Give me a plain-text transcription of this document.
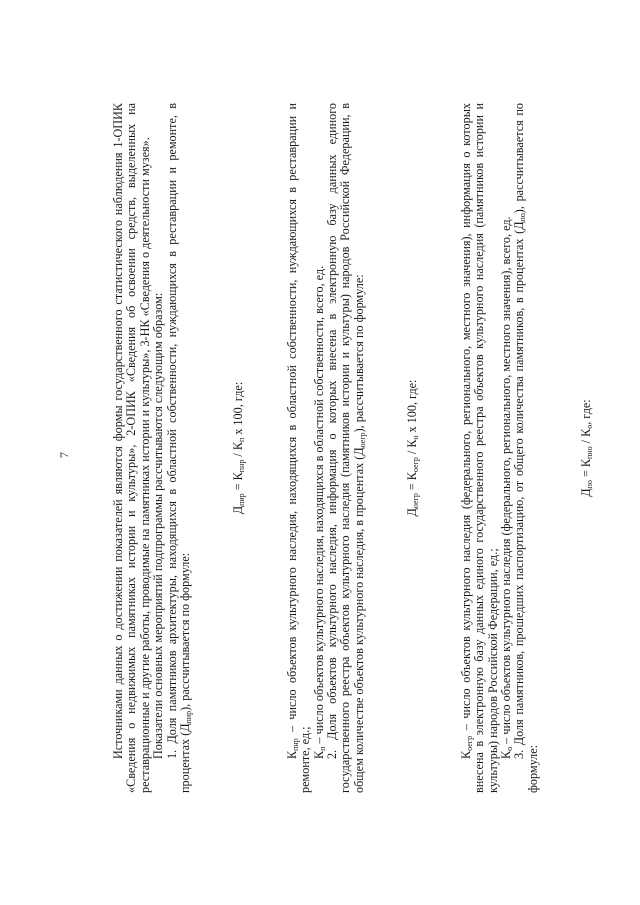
7	Источниками данных о достижении показателей являются формы государственного статистического наблюдения 1-ОПИК «Сведения о недвижимых памятниках истории и культуры», 2-ОПИК «Сведения об освоении средств, выделенных на реставрационные и другие работы, проводимые на памятниках истории и культуры», 3-НК «Сведения о деятельности музея». Показатели основных мероприятий подпрограммы рассчитываются следующим образом: 1. Доля памятников архитектуры, находящихся в областной собственности, нуждающихся в реставрации и ремонте, в процентах $(Д_{пир})$, рассчитывается по формуле:

$Д_{пир} = К_{пнр} / К_п$ х 100, где:

$К_{пнр}$ – число объектов культурного наследия, находящихся в областной собственности, нуждающихся в реставрации и ремонте, ед.; $К_п$ – число объектов культурного наследия, находящихся в областной собственности, всего, ед. 2. Доля объектов культурного наследия, информация о которых внесена в электронную базу данных единого государственного реестра объектов культурного наследия (памятников истории и культуры) народов Российской Федерации, в общем количестве объектов культурного наследия, в процентах $(Д_{оегр})$, рассчитывается по формуле:

$Д_{оегр} = К_{оегр} / К_о$ х 100, где:

$К_{оегр}$ – число объектов культурного наследия (федерального, регионального, местного значения), информация о которых внесена в электронную базу данных единого государственного реестра объектов культурного наследия (памятников истории и культуры) народов Российской Федерации, ед.; $К_о$ – число объектов культурного наследия (федерального, регионального, местного значения), всего, ед. 3. Доля памятников, прошедших паспортизацию, от общего количества памятников, в процентах $(Д_{по})$, рассчитывается по формуле:

$Д_{по} = К_{пно} / К_о$, где:
